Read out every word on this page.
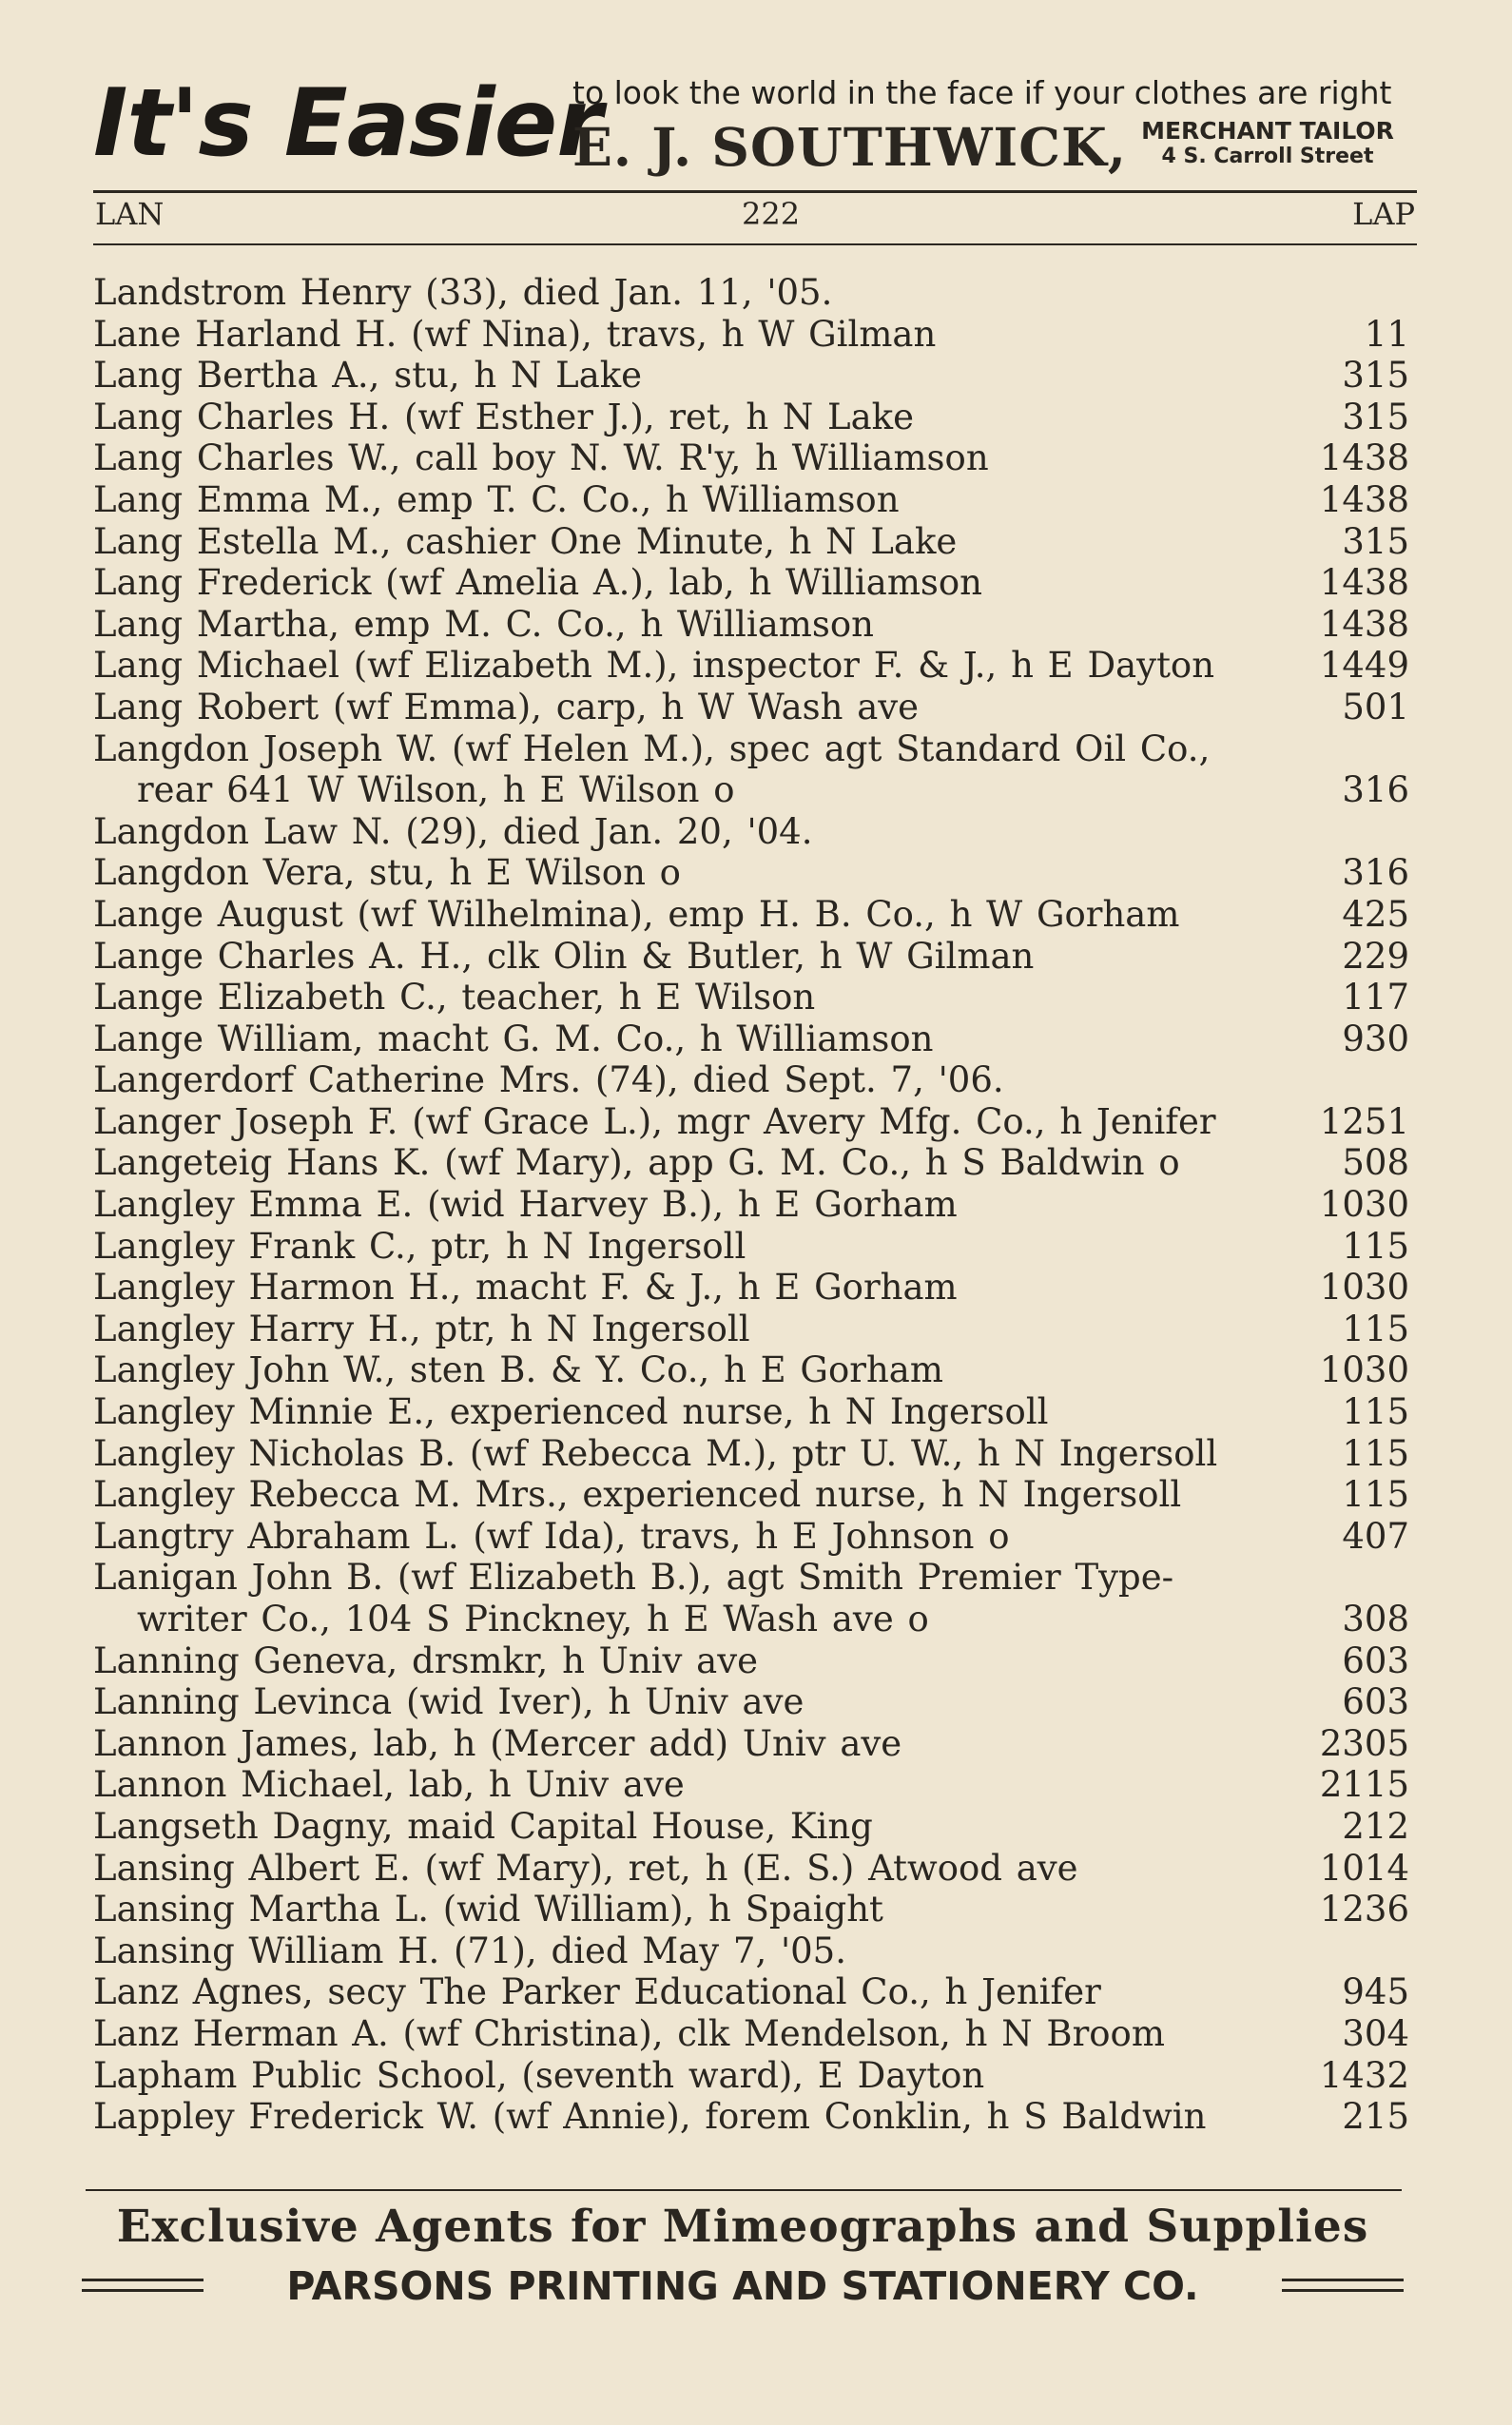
It's Easier
to look the world in the face if your clothes are right
E. J. SOUTHWICK, MERCHANT TAILOR
4 S. Carroll Street
LAN	222	LAP
Landstrom Henry (33), died Jan. 11, '05.
Lane Harland H. (wf Nina), travs, h W Gilman	11
Lang Bertha A., stu, h N Lake	315
Lang Charles H. (wf Esther J.), ret, h N Lake	315
Lang Charles W., call boy N. W. R'y, h Williamson	1438
Lang Emma M., emp T. C. Co., h Williamson	1438
Lang Estella M., cashier One Minute, h N Lake	315
Lang Frederick (wf Amelia A.), lab, h Williamson	1438
Lang Martha, emp M. C. Co., h Williamson	1438
Lang Michael (wf Elizabeth M.), inspector F. & J., h E Dayton	1449
Lang Robert (wf Emma), carp, h W Wash ave	501
Langdon Joseph W. (wf Helen M.), spec agt Standard Oil Co.,
rear 641 W Wilson, h E Wilson o	316
Langdon Law N. (29), died Jan. 20, '04.
Langdon Vera, stu, h E Wilson o	316
Lange August (wf Wilhelmina), emp H. B. Co., h W Gorham	425
Lange Charles A. H., clk Olin & Butler, h W Gilman	229
Lange Elizabeth C., teacher, h E Wilson	117
Lange William, macht G. M. Co., h Williamson	930
Langerdorf Catherine Mrs. (74), died Sept. 7, '06.
Langer Joseph F. (wf Grace L.), mgr Avery Mfg. Co., h Jenifer	1251
Langeteig Hans K. (wf Mary), app G. M. Co., h S Baldwin o	508
Langley Emma E. (wid Harvey B.), h E Gorham	1030
Langley Frank C., ptr, h N Ingersoll	115
Langley Harmon H., macht F. & J., h E Gorham	1030
Langley Harry H., ptr, h N Ingersoll	115
Langley John W., sten B. & Y. Co., h E Gorham	1030
Langley Minnie E., experienced nurse, h N Ingersoll	115
Langley Nicholas B. (wf Rebecca M.), ptr U. W., h N Ingersoll	115
Langley Rebecca M. Mrs., experienced nurse, h N Ingersoll	115
Langtry Abraham L. (wf Ida), travs, h E Johnson o	407
Lanigan John B. (wf Elizabeth B.), agt Smith Premier Type-
writer Co., 104 S Pinckney, h E Wash ave o	308
Lanning Geneva, drsmkr, h Univ ave	603
Lanning Levinca (wid Iver), h Univ ave	603
Lannon James, lab, h (Mercer add) Univ ave	2305
Lannon Michael, lab, h Univ ave	2115
Langseth Dagny, maid Capital House, King	212
Lansing Albert E. (wf Mary), ret, h (E. S.) Atwood ave	1014
Lansing Martha L. (wid William), h Spaight	1236
Lansing William H. (71), died May 7, '05.
Lanz Agnes, secy The Parker Educational Co., h Jenifer	945
Lanz Herman A. (wf Christina), clk Mendelson, h N Broom	304
Lapham Public School, (seventh ward), E Dayton	1432
Lappley Frederick W. (wf Annie), forem Conklin, h S Baldwin	215
Exclusive Agents for Mimeographs and Supplies
PARSONS PRINTING AND STATIONERY CO.
